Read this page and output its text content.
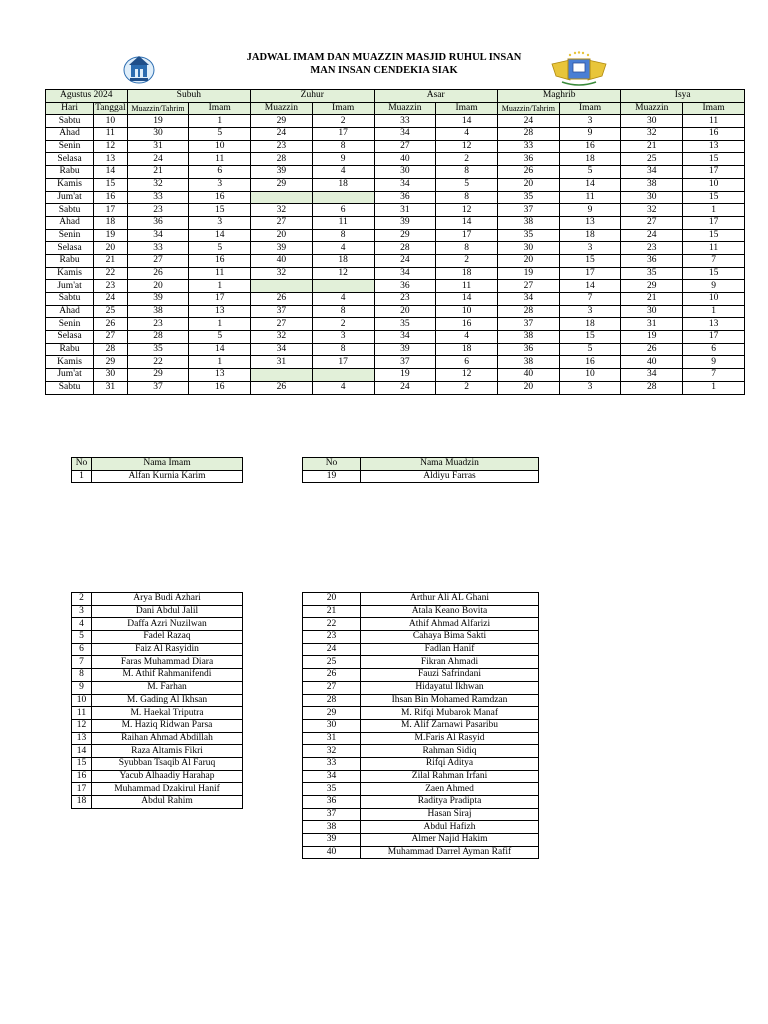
JADWAL IMAM DAN MUAZZIN MASJID RUHUL INSAN
MAN INSAN CENDEKIA SIAK
Agustus 2024		Subuh		Zuhur		Asar		Maghrib		Isya	
Hari	Tanggal	Muazzin/Tahrim	Imam	Muazzin	Imam	Muazzin	Imam	Muazzin/Tahrim	Imam	Muazzin	Imam
Sabtu	10	19	1	29	2	33	14	24	3	30	11
Ahad	11	30	5	24	17	34	4	28	9	32	16
Senin	12	31	10	23	8	27	12	33	16	21	13
Selasa	13	24	11	28	9	40	2	36	18	25	15
Rabu	14	21	6	39	4	30	8	26	5	34	17
Kamis	15	32	3	29	18	34	5	20	14	38	10
Jum'at	16	33	16			36	8	35	11	30	15
Sabtu	17	23	15	32	6	31	12	37	9	32	1
Ahad	18	36	3	27	11	39	14	38	13	27	17
Senin	19	34	14	20	8	29	17	35	18	24	15
Selasa	20	33	5	39	4	28	8	30	3	23	11
Rabu	21	27	16	40	18	24	2	20	15	36	7
Kamis	22	26	11	32	12	34	18	19	17	35	15
Jum'at	23	20	1			36	11	27	14	29	9
Sabtu	24	39	17	26	4	23	14	34	7	21	10
Ahad	25	38	13	37	8	20	10	28	3	30	1
Senin	26	23	1	27	2	35	16	37	18	31	13
Selasa	27	28	5	32	3	34	4	38	15	19	17
Rabu	28	35	14	34	8	39	18	36	5	26	6
Kamis	29	22	1	31	17	37	6	38	16	40	9
Jum'at	30	29	13			19	12	40	10	34	7
Sabtu	31	37	16	26	4	24	2	20	3	28	1
No	Nama Imam
1	Alfan Kurnia Karim
No	Nama Muadzin
19	Aldiyu Farras
2	Arya Budi Azhari
3	Dani Abdul Jalil
4	Daffa Azri Nuzilwan
5	Fadel Razaq
6	Faiz Al Rasyidin
7	Faras Muhammad Diara
8	M. Athif Rahmanifendi
9	M. Farhan
10	M. Gading Al Ikhsan
11	M. Haekal Triputra
12	M. Haziq Ridwan Parsa
13	Raihan Ahmad Abdillah
14	Raza Altamis Fikri
15	Syubban Tsaqib Al Faruq
16	Yacub Alhaadiy Harahap
17	Muhammad Dzakirul Hanif
18	Abdul Rahim
20	Arthur Ali AL Ghani
21	Atala Keano Bovita
22	Athif Ahmad Alfarizi
23	Cahaya Bima Sakti
24	Fadlan Hanif
25	Fikran Ahmadi
26	Fauzi Safrindani
27	Hidayatul Ikhwan
28	Ihsan Bin Mohamed Ramdzan
29	M. Rifqi Mubarok Manaf
30	M. Alif Zarnawi Pasaribu
31	M.Faris Al Rasyid
32	Rahman Sidiq
33	Rifqi Aditya
34	Zilal Rahman Irfani
35	Zaen Ahmed
36	Raditya Pradipta
37	Hasan Siraj
38	Abdul Hafizh
39	Almer Najid Hakim
40	Muhammad Darrel Ayman Rafif
